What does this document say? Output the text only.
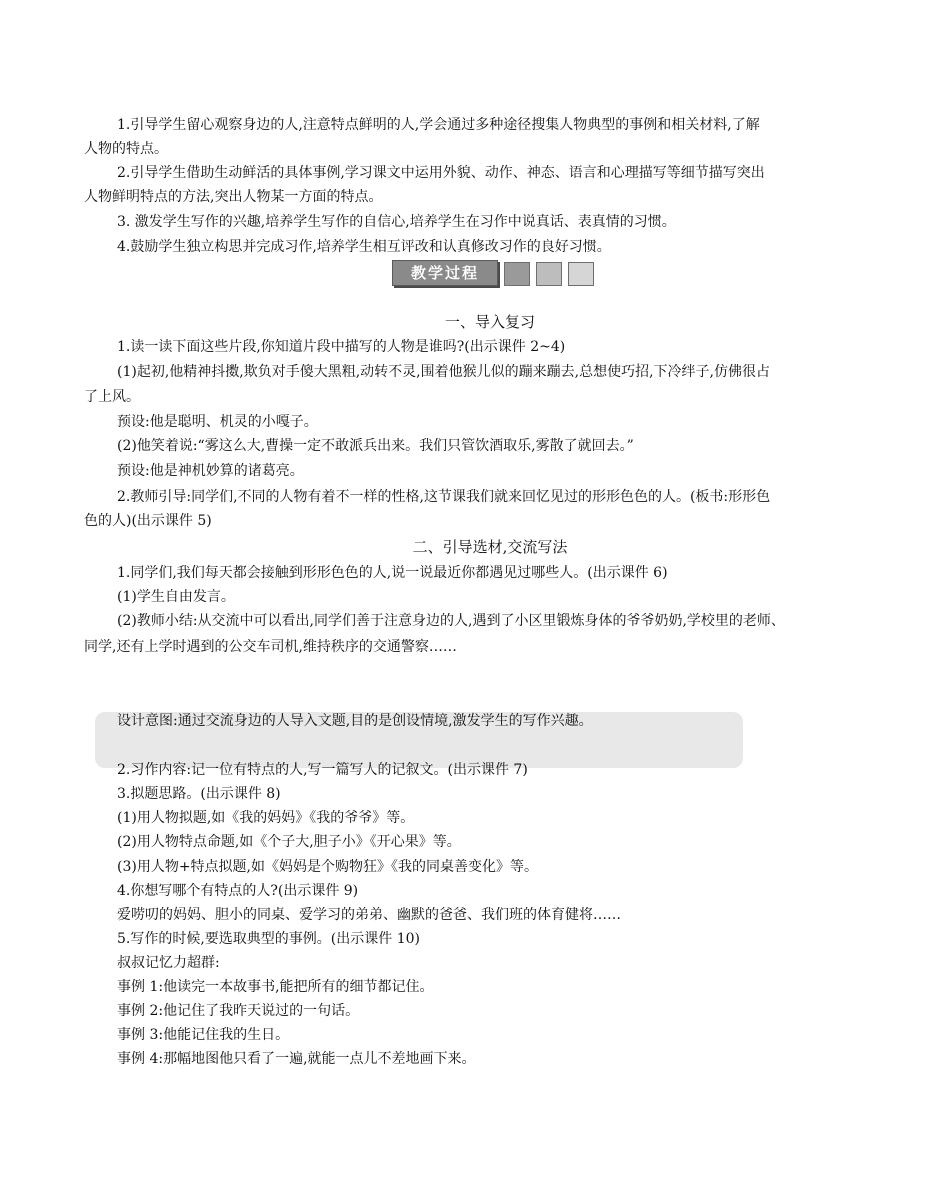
1.引导学生留心观察身边的人,注意特点鲜明的人,学会通过多种途径搜集人物典型的事例和相关材料,了解
人物的特点。
2.引导学生借助生动鲜活的具体事例,学习课文中运用外貌、动作、神态、语言和心理描写等细节描写突出
人物鲜明特点的方法,突出人物某一方面的特点。
3. 激发学生写作的兴趣,培养学生写作的自信心,培养学生在习作中说真话、表真情的习惯。
4.鼓励学生独立构思并完成习作,培养学生相互评改和认真修改习作的良好习惯。
教学过程
一、导入复习
1.读一读下面这些片段,你知道片段中描写的人物是谁吗?(出示课件 2~4)
(1)起初,他精神抖擞,欺负对手傻大黑粗,动转不灵,围着他猴儿似的蹦来蹦去,总想使巧招,下冷绊子,仿佛很占
了上风。
预设:他是聪明、机灵的小嘎子。
(2)他笑着说:“雾这么大,曹操一定不敢派兵出来。我们只管饮酒取乐,雾散了就回去。”
预设:他是神机妙算的诸葛亮。
2.教师引导:同学们,不同的人物有着不一样的性格,这节课我们就来回忆见过的形形色色的人。(板书:形形色
色的人)(出示课件 5)
二、引导选材,交流写法
1.同学们,我们每天都会接触到形形色色的人,说一说最近你都遇见过哪些人。(出示课件 6)
(1)学生自由发言。
(2)教师小结:从交流中可以看出,同学们善于注意身边的人,遇到了小区里锻炼身体的爷爷奶奶,学校里的老师、
同学,还有上学时遇到的公交车司机,维持秩序的交通警察……
设计意图:通过交流身边的人导入文题,目的是创设情境,激发学生的写作兴趣。
2.习作内容:记一位有特点的人,写一篇写人的记叙文。(出示课件 7)
3.拟题思路。(出示课件 8)
(1)用人物拟题,如《我的妈妈》《我的爷爷》等。
(2)用人物特点命题,如《个子大,胆子小》《开心果》等。
(3)用人物+特点拟题,如《妈妈是个购物狂》《我的同桌善变化》等。
4.你想写哪个有特点的人?(出示课件 9)
爱唠叨的妈妈、胆小的同桌、爱学习的弟弟、幽默的爸爸、我们班的体育健将……
5.写作的时候,要选取典型的事例。(出示课件 10)
叔叔记忆力超群:
事例 1:他读完一本故事书,能把所有的细节都记住。
事例 2:他记住了我昨天说过的一句话。
事例 3:他能记住我的生日。
事例 4:那幅地图他只看了一遍,就能一点儿不差地画下来。
